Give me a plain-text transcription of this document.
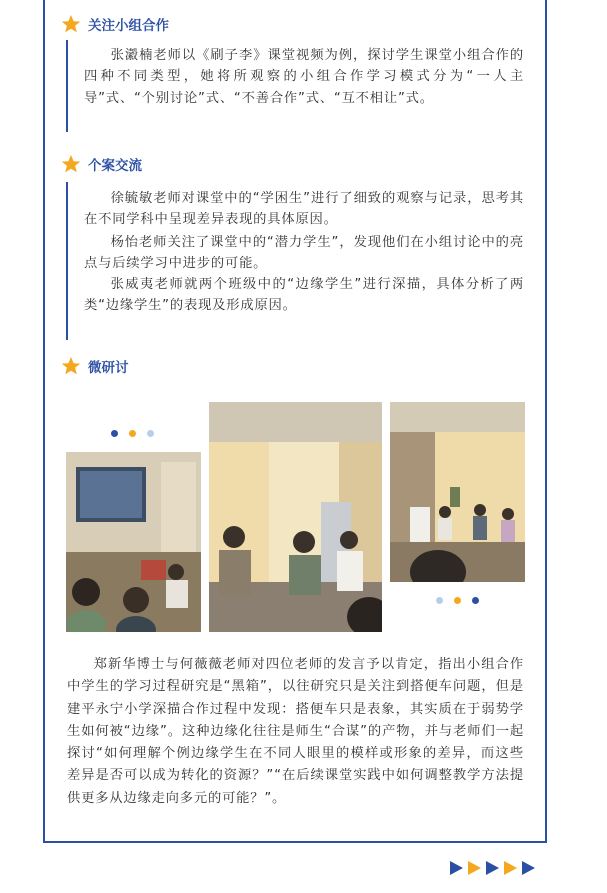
关注小组合作

张瀫楠老师以《刷子李》课堂视频为例，探讨学生课堂小组合作的四种不同类型，她将所观察的小组合作学习模式分为“一人主导”式、“个别讨论”式、“不善合作”式、“互不相让”式。

个案交流

徐毓敏老师对课堂中的“学困生”进行了细致的观察与记录，思考其在不同学科中呈现差异表现的具体原因。

杨怡老师关注了课堂中的“潜力学生”，发现他们在小组讨论中的亮点与后续学习中进步的可能。

张威夷老师就两个班级中的“边缘学生”进行深描，具体分析了两类“边缘学生”的表现及形成原因。

微研讨

郑新华博士与何薇薇老师对四位老师的发言予以肯定，指出小组合作中学生的学习过程研究是“黑箱”，以往研究只是关注到搭便车问题，但是建平永宁小学深描合作过程中发现：搭便车只是表象，其实质在于弱势学生如何被“边缘”。这种边缘化往往是师生“合谋”的产物，并与老师们一起探讨“如何理解个例边缘学生在不同人眼里的模样或形象的差异，而这些差异是否可以成为转化的资源？”“在后续课堂实践中如何调整教学方法提供更多从边缘走向多元的可能？”。
